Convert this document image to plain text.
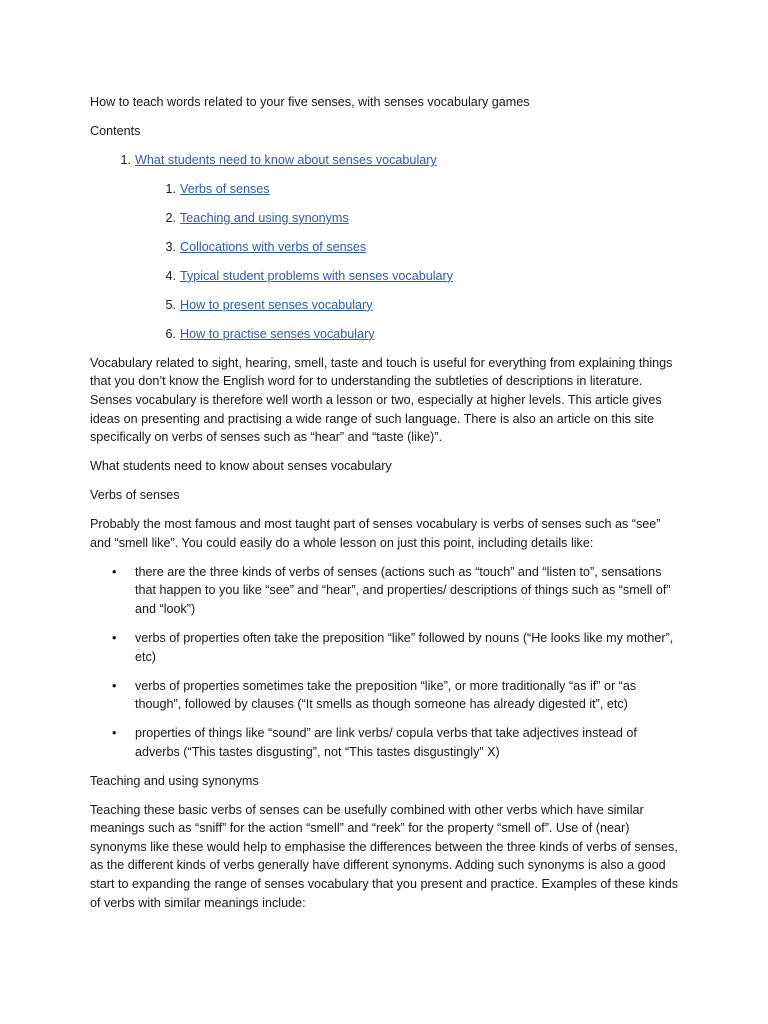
How to teach words related to your five senses, with senses vocabulary games

Contents

1. What students need to know about senses vocabulary
1. Verbs of senses
2. Teaching and using synonyms
3. Collocations with verbs of senses
4. Typical student problems with senses vocabulary
5. How to present senses vocabulary
6. How to practise senses vocabulary

Vocabulary related to sight, hearing, smell, taste and touch is useful for everything from explaining things that you don’t know the English word for to understanding the subtleties of descriptions in literature. Senses vocabulary is therefore well worth a lesson or two, especially at higher levels. This article gives ideas on presenting and practising a wide range of such language. There is also an article on this site specifically on verbs of senses such as “hear” and “taste (like)”.

What students need to know about senses vocabulary

Verbs of senses

Probably the most famous and most taught part of senses vocabulary is verbs of senses such as “see” and “smell like”. You could easily do a whole lesson on just this point, including details like:

• there are the three kinds of verbs of senses (actions such as “touch” and “listen to”, sensations that happen to you like “see” and “hear”, and properties/ descriptions of things such as “smell of” and “look”)
• verbs of properties often take the preposition “like” followed by nouns (“He looks like my mother”, etc)
• verbs of properties sometimes take the preposition “like”, or more traditionally “as if” or “as though”, followed by clauses (“It smells as though someone has already digested it”, etc)
• properties of things like “sound” are link verbs/ copula verbs that take adjectives instead of adverbs (“This tastes disgusting”, not “This tastes disgustingly” X)

Teaching and using synonyms

Teaching these basic verbs of senses can be usefully combined with other verbs which have similar meanings such as “sniff” for the action “smell” and “reek” for the property “smell of”. Use of (near) synonyms like these would help to emphasise the differences between the three kinds of verbs of senses, as the different kinds of verbs generally have different synonyms. Adding such synonyms is also a good start to expanding the range of senses vocabulary that you present and practice. Examples of these kinds of verbs with similar meanings include:
